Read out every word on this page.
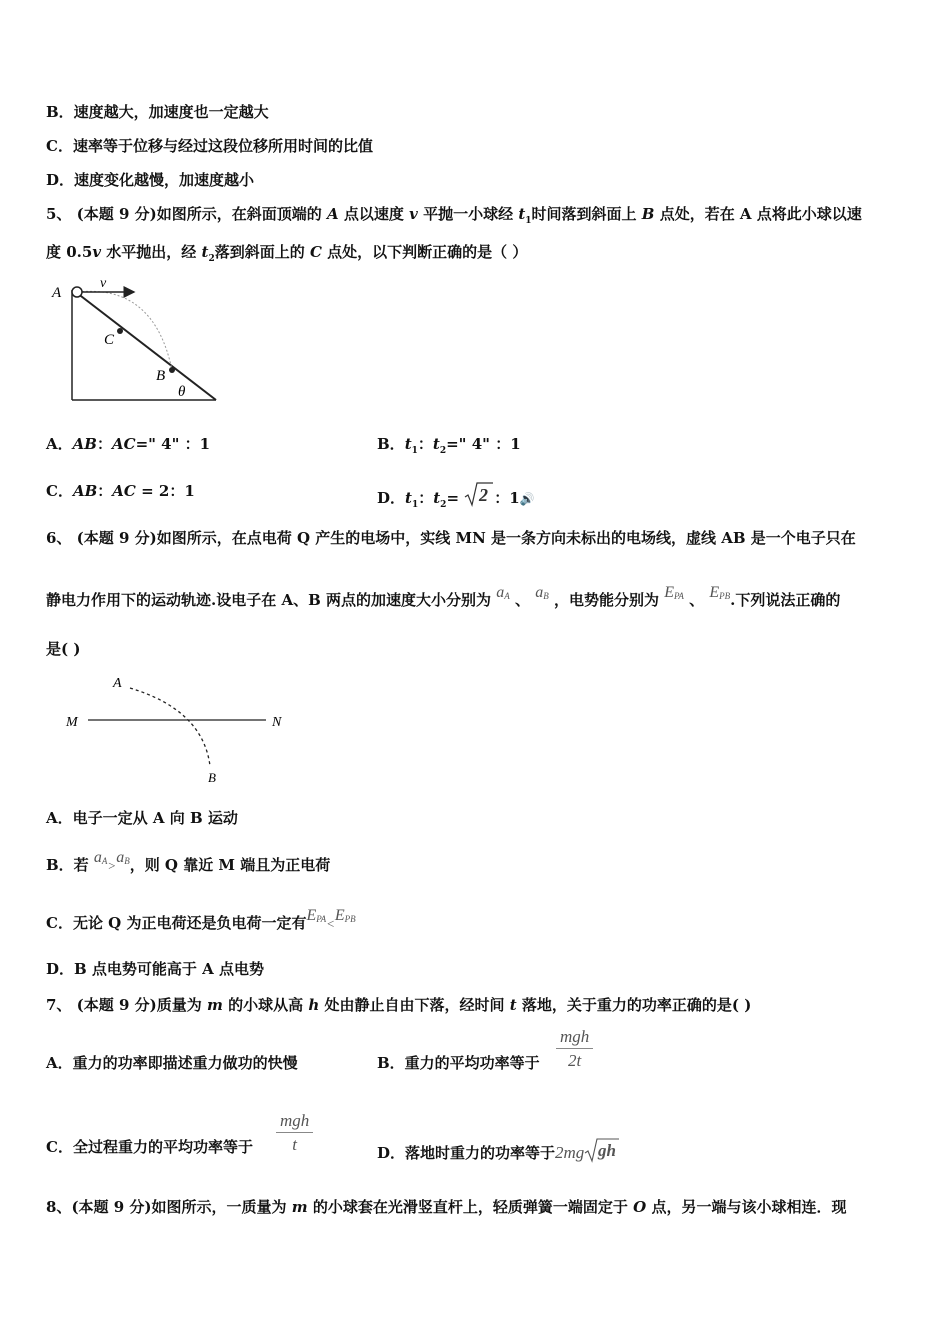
B．速度越大，加速度也一定越大
C．速率等于位移与经过这段位移所用时间的比值
D．速度变化越慢，加速度越小
5、 (本题 9 分)如图所示，在斜面顶端的 A 点以速度 v 平抛一小球经 $t_1$时间落到斜面上 B 点处，若在 A 点将此小球以速
度 0.5v 水平抛出，经 $t_2$落到斜面上的 C 点处，以下判断正确的是（ ）
v
A
C
B
θ
A．AB：AC=" 4" ：1	B．$t_1$：$t_2=$" 4" ：1
C．AB：AC = 2：1	D．$t_1$：$t_2= 2$ ：1🔊
6、 (本题 9 分)如图所示，在点电荷 Q 产生的电场中，实线 MN 是一条方向未标出的电场线，虚线 AB 是一个电子只在
静电力作用下的运动轨迹.设电子在 A、B 两点的加速度大小分别为 $a^A$ 、 $a^B$ ，电势能分别为 $E^{PA}$ 、 $E^{PB}$.下列说法正确的
是( )
A
M	N
B
A．电子一定从 A 向 B 运动
B．若 $a^A>a^B$，则 Q 靠近 M 端且为正电荷
C．无论 Q 为正电荷还是负电荷一定有$E^{PA}<E^{PB}$
D．B 点电势可能高于 A 点电势
7、 (本题 9 分)质量为 m 的小球从高 h 处由静止自由下落，经时间 t 落地，关于重力的功率正确的是( )
A．重力的功率即描述重力做功的快慢	B．重力的平均功率等于
mgh
2t
C．全过程重力的平均功率等于
mgh
t	D．落地时重力的功率等于2mg gh
8、(本题 9 分)如图所示，一质量为 m 的小球套在光滑竖直杆上，轻质弹簧一端固定于 O 点，另一端与该小球相连．现
